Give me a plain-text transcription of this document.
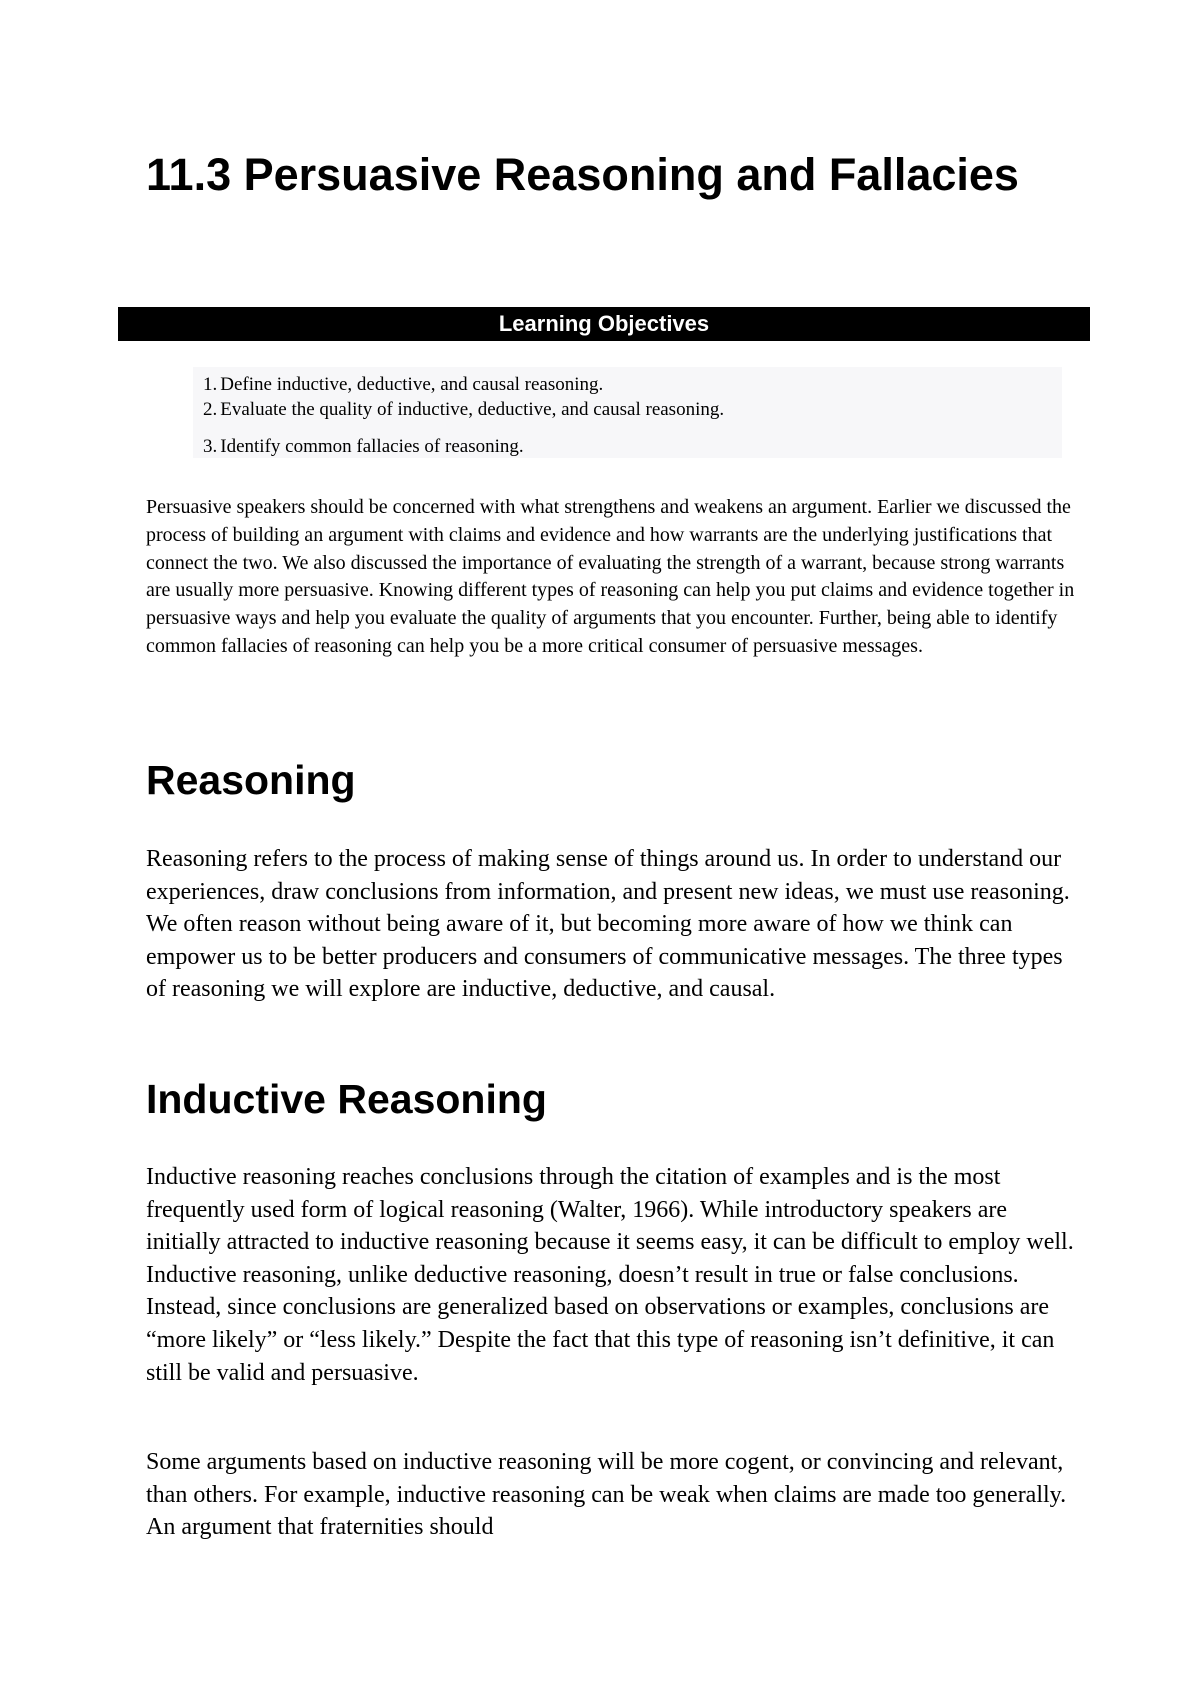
11.3 Persuasive Reasoning and Fallacies
Learning Objectives
1. Define inductive, deductive, and causal reasoning.
2. Evaluate the quality of inductive, deductive, and causal reasoning.
3. Identify common fallacies of reasoning.

Persuasive speakers should be concerned with what strengthens and weakens an argument. Earlier we discussed the process of building an argument with claims and evidence and how warrants are the underlying justifications that connect the two. We also discussed the importance of evaluating the strength of a warrant, because strong warrants are usually more persuasive. Knowing different types of reasoning can help you put claims and evidence together in persuasive ways and help you evaluate the quality of arguments that you encounter. Further, being able to identify common fallacies of reasoning can help you be a more critical consumer of persuasive messages.

Reasoning

Reasoning refers to the process of making sense of things around us. In order to understand our experiences, draw conclusions from information, and present new ideas, we must use reasoning. We often reason without being aware of it, but becoming more aware of how we think can empower us to be better producers and consumers of communicative messages. The three types of reasoning we will explore are inductive, deductive, and causal.

Inductive Reasoning

Inductive reasoning reaches conclusions through the citation of examples and is the most frequently used form of logical reasoning (Walter, 1966). While introductory speakers are initially attracted to inductive reasoning because it seems easy, it can be difficult to employ well. Inductive reasoning, unlike deductive reasoning, doesn’t result in true or false conclusions. Instead, since conclusions are generalized based on observations or examples, conclusions are “more likely” or “less likely.” Despite the fact that this type of reasoning isn’t definitive, it can still be valid and persuasive.

Some arguments based on inductive reasoning will be more cogent, or convincing and relevant, than others. For example, inductive reasoning can be weak when claims are made too generally. An argument that fraternities should
